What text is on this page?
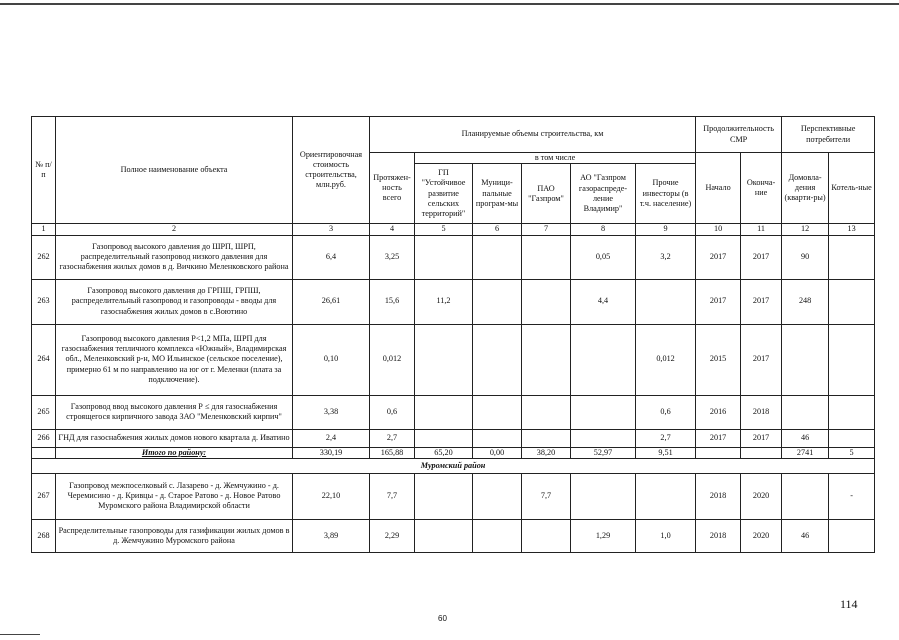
№ п/п	Полное наименование объекта	Ориентировочная стоимость строительства, млн.руб.	Планируемые объемы строительства, км						Продолжительность СМР		Перспективные потребители	
			Протяжен-ность всего	в том числе					Начало	Оконча-ние	Домовла-дения (кварти-ры)	Котель-ные
				ГП "Устойчивое развитие сельских территорий"	Муници-пальные програм-мы	ПАО "Газпром"	АО "Газпром газораспреде-ление Владимир"	Прочие инвесторы (в т.ч. население)				
1	2	3	4	5	6	7	8	9	10	11	12	13
262	Газопровод высокого давления до ШРП, ШРП, распределительный газопровод низкого давления для газоснабжения жилых домов в д. Вичкино Меленковского района	6,4	3,25				0,05	3,2	2017	2017	90	
263	Газопровод высокого давления до ГРПШ, ГРПШ, распределительный газопровод и газопроводы - вводы для газоснабжения жилых домов в с.Воютино	26,61	15,6	11,2			4,4		2017	2017	248	
264	Газопровод высокого давления Р<1,2 МПа, ШРП для газоснабжения тепличного комплекса «Южный», Владимирская обл., Меленковский р-н, МО Ильинское (сельское поселение), примерно 61 м по направлению на юг от г. Меленки (плата за подключение).	0,10	0,012					0,012	2015	2017		
265	Газопровод ввод высокого давления Р ≤ для газоснабжения строящегося кирпичного завода ЗАО "Меленковский кирпич"	3,38	0,6					0,6	2016	2018		
266	ГНД для газоснабжения жилых домов нового квартала д. Иватино	2,4	2,7					2,7	2017	2017	46	
	Итого по району:	330,19	165,88	65,20	0,00	38,20	52,97	9,51			2741	5
Муромский район												
267	Газопровод межпоселковый с. Лазарево - д. Жемчужино - д. Черемисино - д. Кривцы - д. Старое Ратово - д. Новое Ратово Муромского района Владимирской области	22,10	7,7			7,7			2018	2020		-
268	Распределительные газопроводы для газификации жилых домов в д. Жемчужино Муромского района	3,89	2,29				1,29	1,0	2018	2020	46	
114
60
